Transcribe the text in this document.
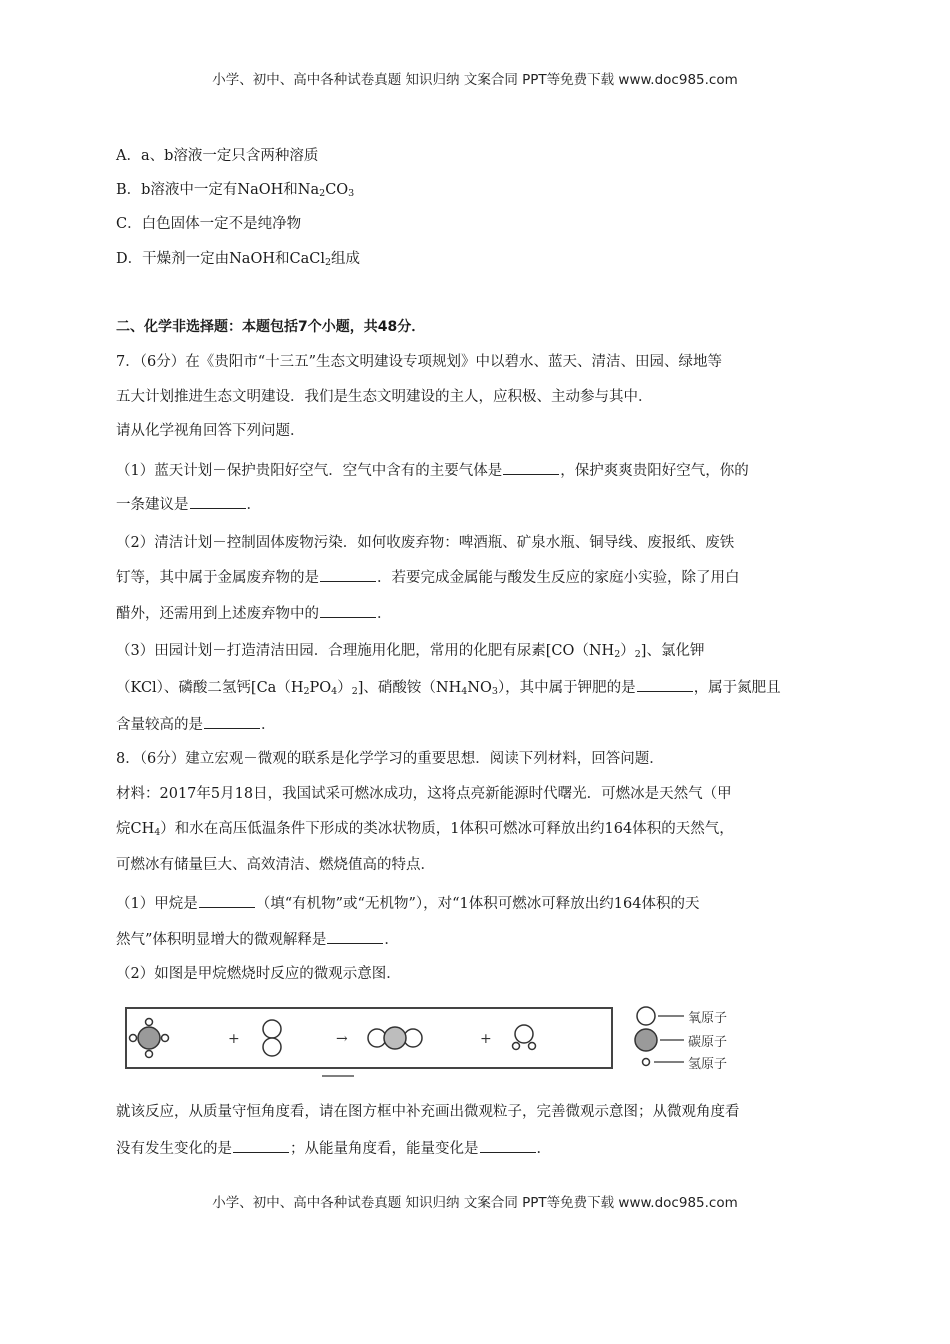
小学、初中、高中各种试卷真题 知识归纳 文案合同 PPT等免费下载 www.doc985.com
A．a、b溶液一定只含两种溶质
B．b溶液中一定有NaOH和$Na_2CO_3$
C．白色固体一定不是纯净物
D．干燥剂一定由NaOH和CaCl$_2$组成
二、化学非选择题：本题包括7个小题，共48分．
7．（6分）在《贵阳市“十三五”生态文明建设专项规划》中以碧水、蓝天、清洁、田园、绿地等
五大计划推进生态文明建设．我们是生态文明建设的主人，应积极、主动参与其中．
请从化学视角回答下列问题．
（1）蓝天计划－保护贵阳好空气．空气中含有的主要气体是	，保护爽爽贵阳好空气，你的
一条建议是	．
（2）清洁计划－控制固体废物污染．如何收废弃物：啤酒瓶、矿泉水瓶、铜导线、废报纸、废铁
钉等，其中属于金属废弃物的是	．若要完成金属能与酸发生反应的家庭小实验，除了用白
醋外，还需用到上述废弃物中的	．
（3）田园计划－打造清洁田园．合理施用化肥，常用的化肥有尿素$[CO(NH_2)_2]$、氯化钾
（KCl）、磷酸二氢钙$[Ca(H_2PO_4)_2]$、硝酸铵$(NH_4NO_3)$，其中属于钾肥的是	，属于氮肥且
含量较高的是	．
8．（6分）建立宏观－微观的联系是化学学习的重要思想．阅读下列材料，回答问题．
材料：2017年5月18日，我国试采可燃冰成功，这将点亮新能源时代曙光．可燃冰是天然气（甲
烷$CH_4$）和水在高压低温条件下形成的类冰状物质，1体积可燃冰可释放出约164体积的天然气，
可燃冰有储量巨大、高效清洁、燃烧值高的特点．
（1）甲烷是	（填“有机物”或“无机物”），对“1体积可燃冰可释放出约164体积的天
然气”体积明显增大的微观解释是	．
（2）如图是甲烷燃烧时反应的微观示意图．
+	→	+
氧原子
碳原子
氢原子
就该反应，从质量守恒角度看，请在图方框中补充画出微观粒子，完善微观示意图；从微观角度看
没有发生变化的是	；从能量角度看，能量变化是	．
小学、初中、高中各种试卷真题 知识归纳 文案合同 PPT等免费下载 www.doc985.com
